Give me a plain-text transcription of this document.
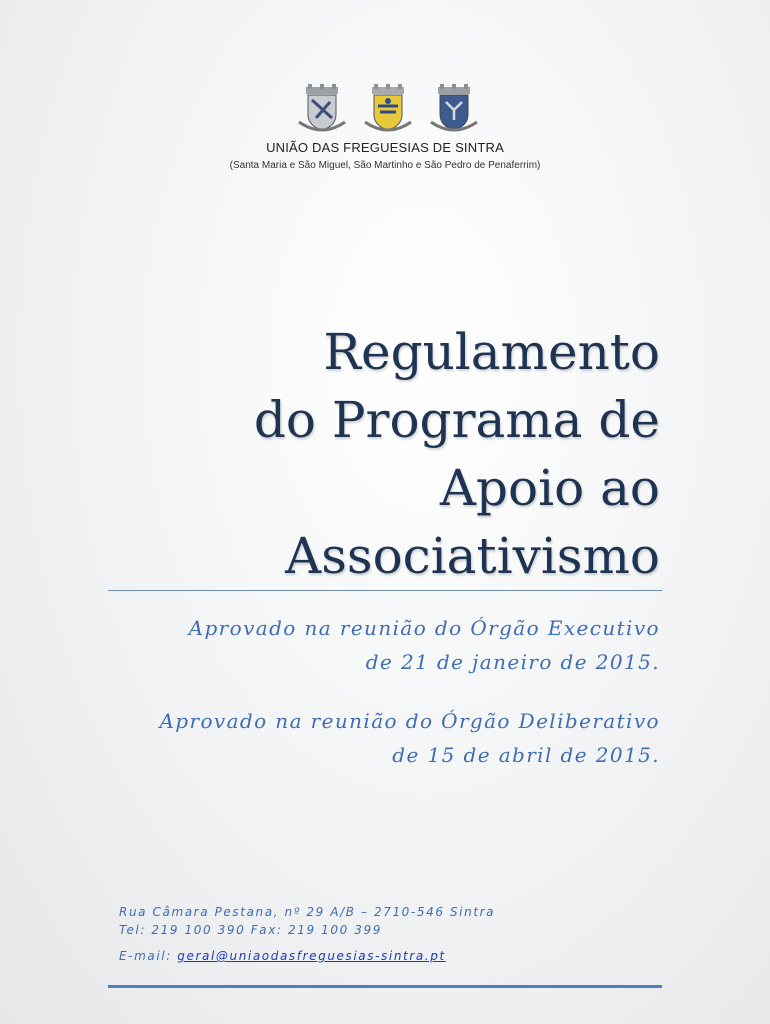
UNIÃO DAS FREGUESIAS DE SINTRA
(Santa Maria e São Miguel, São Martinho e São Pedro de Penaferrim)
Regulamento
do Programa de
Apoio ao
Associativismo
Aprovado na reunião do Órgão Executivo
de 21 de janeiro de 2015.
Aprovado na reunião do Órgão Deliberativo
de 15 de abril de 2015.
Rua Câmara Pestana, nº 29 A/B – 2710-546 Sintra
Tel: 219 100 390 Fax: 219 100 399
E-mail: geral@uniaodasfreguesias-sintra.pt
